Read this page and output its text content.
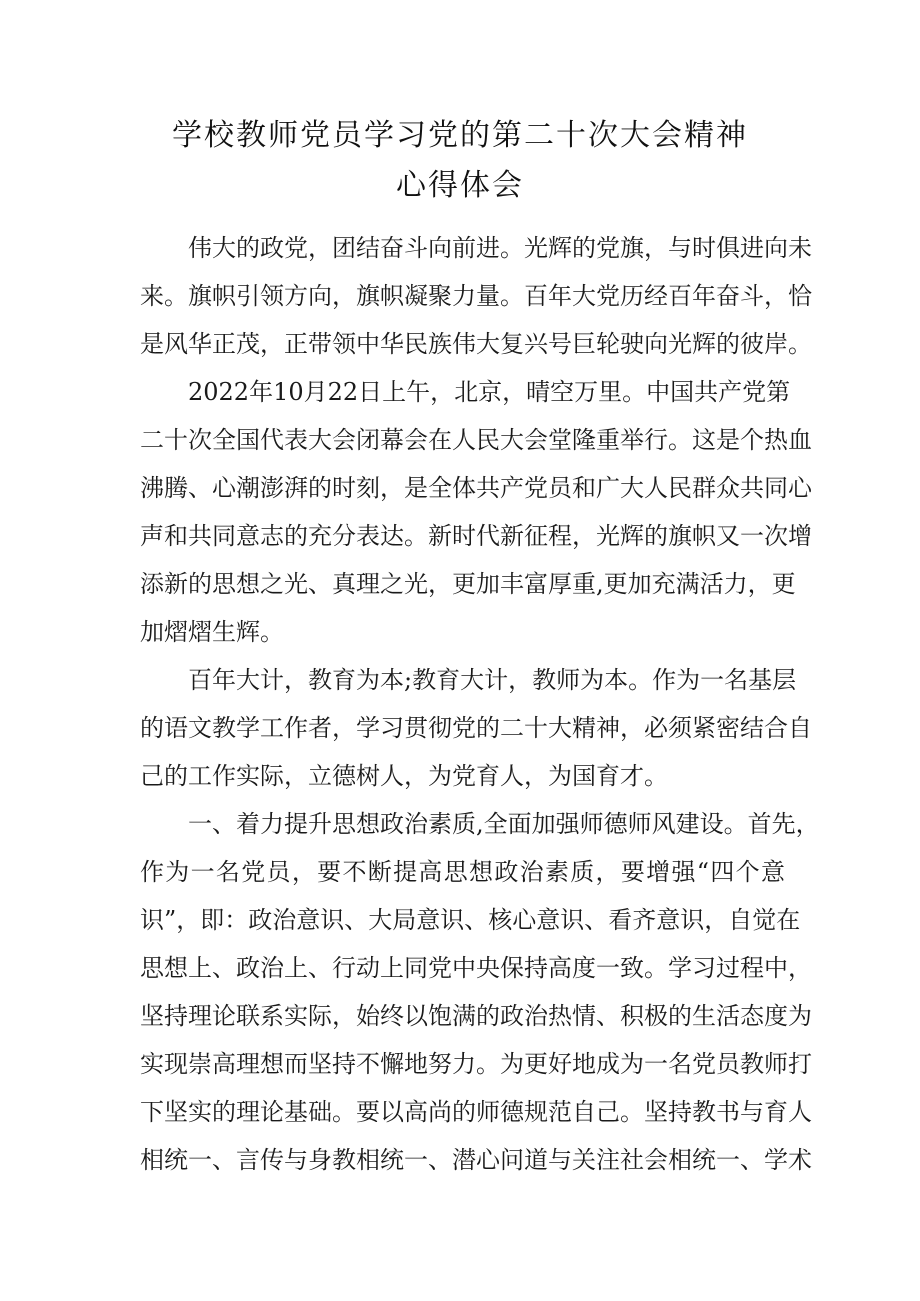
学校教师党员学习党的第二十次大会精神
心得体会
伟大的政党，团结奋斗向前进。光辉的党旗，与时俱进向未
来。旗帜引领方向，旗帜凝聚力量。百年大党历经百年奋斗，恰
是风华正茂，正带领中华民族伟大复兴号巨轮驶向光辉的彼岸。
2022年10月22日上午，北京，晴空万里。中国共产党第
二十次全国代表大会闭幕会在人民大会堂隆重举行。这是个热血
沸腾、心潮澎湃的时刻，是全体共产党员和广大人民群众共同心
声和共同意志的充分表达。新时代新征程，光辉的旗帜又一次增
添新的思想之光、真理之光，更加丰富厚重,更加充满活力，更
加熠熠生辉。
百年大计，教育为本;教育大计，教师为本。作为一名基层
的语文教学工作者，学习贯彻党的二十大精神，必须紧密结合自
己的工作实际，立德树人，为党育人，为国育才。
一、着力提升思想政治素质,全面加强师德师风建设。首先，
作为一名党员，要不断提高思想政治素质，要增强“四个意
识”，即：政治意识、大局意识、核心意识、看齐意识，自觉在
思想上、政治上、行动上同党中央保持高度一致。学习过程中，
坚持理论联系实际，始终以饱满的政治热情、积极的生活态度为
实现崇高理想而坚持不懈地努力。为更好地成为一名党员教师打
下坚实的理论基础。要以高尚的师德规范自己。坚持教书与育人
相统一、言传与身教相统一、潜心问道与关注社会相统一、学术
